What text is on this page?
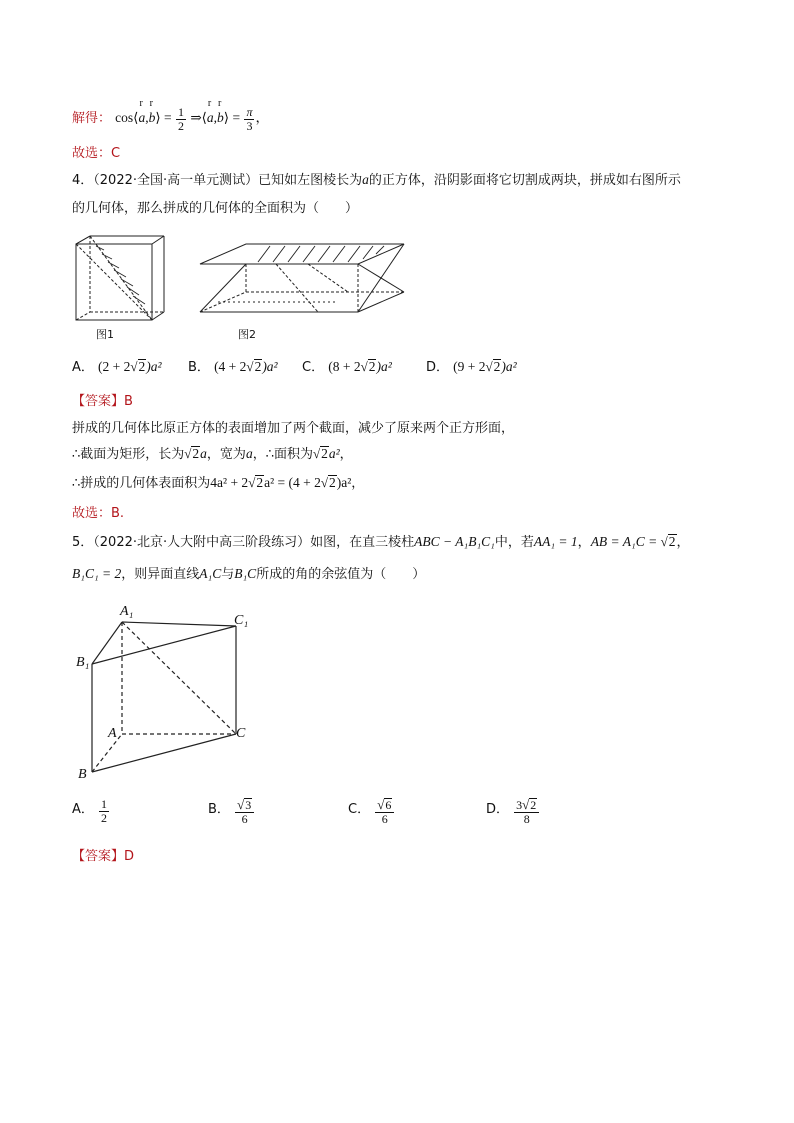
解得： cos⟨
r
a,
r
b⟩ = $\frac{1}{2}$ ⇒⟨
r
a,
r
b⟩ = $\frac{\pi}{3}$ ，
故选：C
4．（2022·全国·高一单元测试）已知如左图棱长为a的正方体，沿阴影面将它切割成两块，拼成如右图所示
的几何体，那么拼成的几何体的全面积为（　　）
图1	图2
A． (2 + 2√2)a² B． (4 + 2√2)a² C． (8 + 2√2)a²	D． (9 + 2√2)a²
【答案】B
拼成的几何体比原正方体的表面增加了两个截面，减少了原来两个正方形面，
∴截面为矩形，长为√2a，宽为a，∴面积为√2a²，
∴拼成的几何体表面积为4a² + 2√2a² = (4 + 2√2)a²，
故选：B.
5．（2022·北京·人大附中高三阶段练习）如图，在直三棱柱ABC − A₁B₁C₁中，若AA₁ = 1，AB = A₁C = √2，
B₁C₁ = 2，则异面直线A₁C与B₁C所成的角的余弦值为（　　）
A₁
C₁
B₁
A	C
B
A． $\frac{1}{2}$	B． $\frac{√3}{6}$	C． $\frac{√6}{6}$	D． $\frac{3√2}{8}$
【答案】D
